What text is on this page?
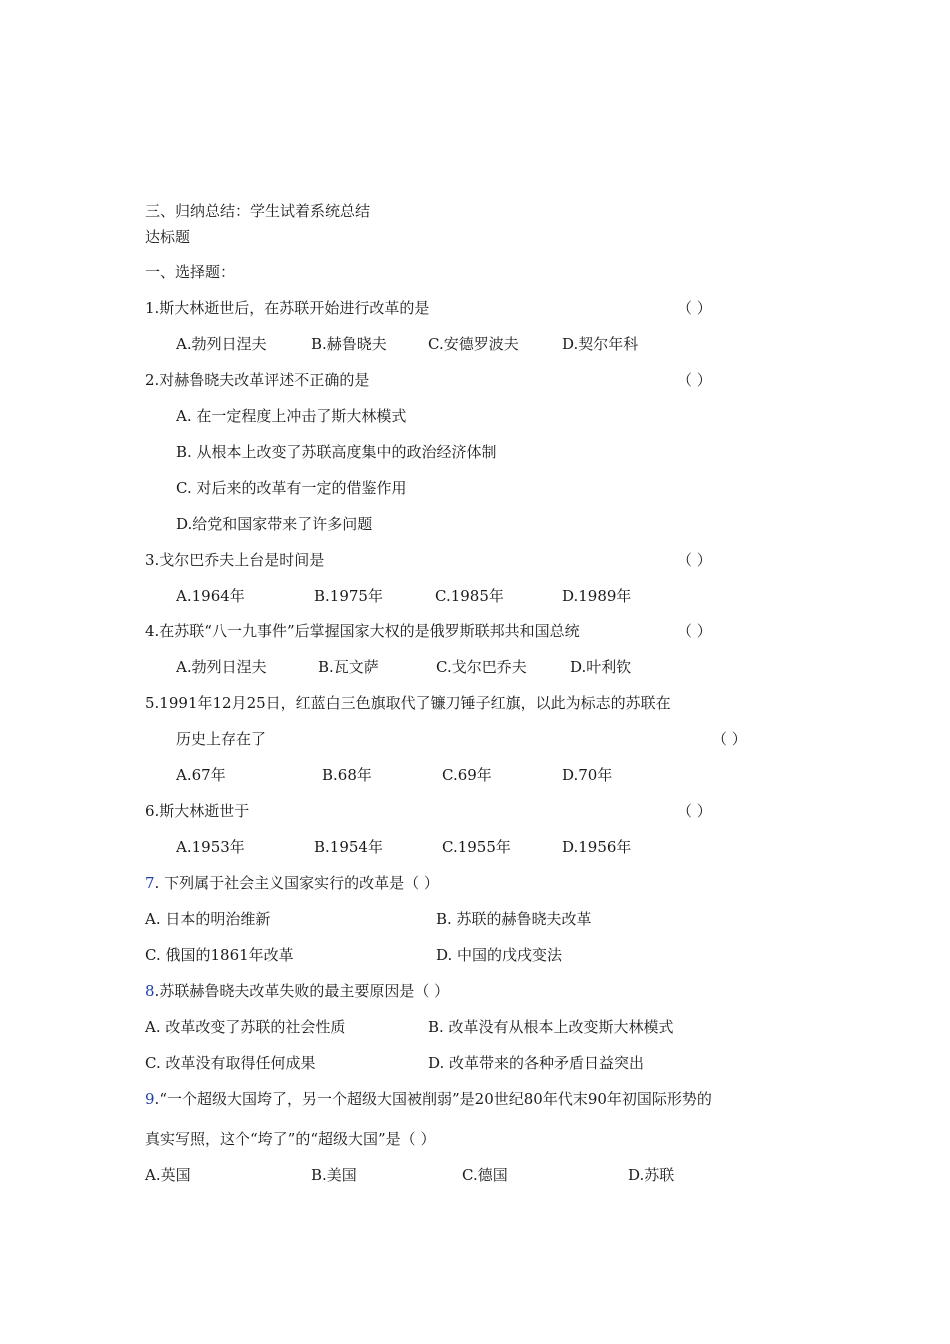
三、归纳总结：学生试着系统总结
达标题
一、选择题：
1.斯大林逝世后，在苏联开始进行改革的是	（ ）
A.勃列日涅夫	B.赫鲁晓夫	C.安德罗波夫	D.契尔年科
2.对赫鲁晓夫改革评述不正确的是	（ ）
A. 在一定程度上冲击了斯大林模式
B. 从根本上改变了苏联高度集中的政治经济体制
C. 对后来的改革有一定的借鉴作用
D.给党和国家带来了许多问题
3.戈尔巴乔夫上台是时间是	（ ）
A.1964年	B.1975年	C.1985年	D.1989年
4.在苏联“八一九事件”后掌握国家大权的是俄罗斯联邦共和国总统	（ ）
A.勃列日涅夫	B.瓦文萨	C.戈尔巴乔夫	D.叶利钦
5.1991年12月25日，红蓝白三色旗取代了镰刀锤子红旗，以此为标志的苏联在
历史上存在了	（ ）
A.67年	B.68年	C.69年	D.70年
6.斯大林逝世于	（ ）
A.1953年	B.1954年	C.1955年	D.1956年
7. 下列属于社会主义国家实行的改革是（ ）
A. 日本的明治维新	B. 苏联的赫鲁晓夫改革
C. 俄国的1861年改革	D. 中国的戊戌变法
8.苏联赫鲁晓夫改革失败的最主要原因是（ ）
A. 改革改变了苏联的社会性质	B. 改革没有从根本上改变斯大林模式
C. 改革没有取得任何成果	D. 改革带来的各种矛盾日益突出
9.“一个超级大国垮了，另一个超级大国被削弱”是20世纪80年代末90年初国际形势的
真实写照，这个“垮了”的“超级大国”是（ ）
A.英国	B.美国	C.德国	D.苏联
